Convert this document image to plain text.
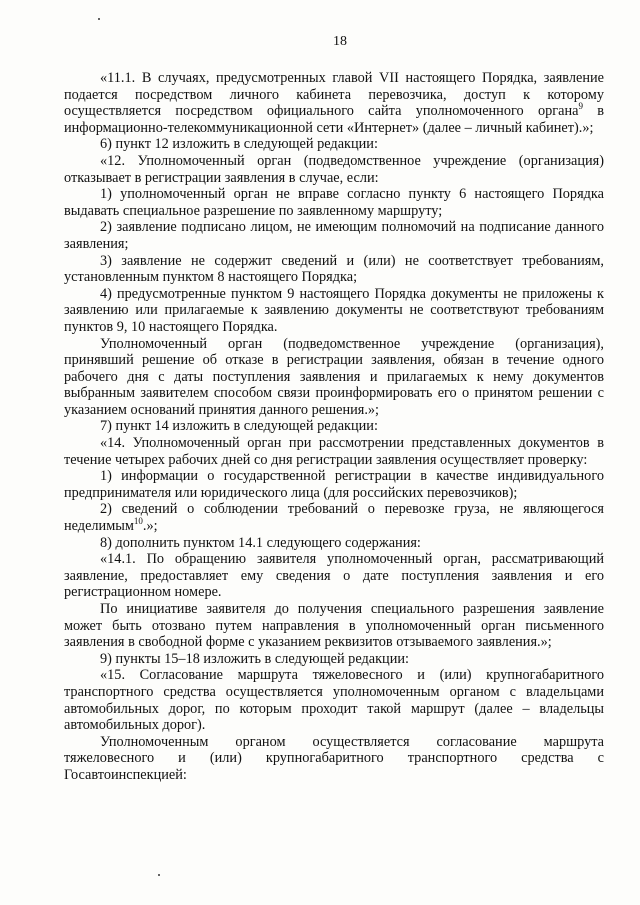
18

«11.1. В случаях, предусмотренных главой VII настоящего Порядка, заявление подается посредством личного кабинета перевозчика, доступ к которому осуществляется посредством официального сайта уполномоченного органа$^9$ в информационно-телекоммуникационной сети «Интернет» (далее – личный кабинет).»;

6) пункт 12 изложить в следующей редакции:

«12. Уполномоченный орган (подведомственное учреждение (организация) отказывает в регистрации заявления в случае, если:

1) уполномоченный орган не вправе согласно пункту 6 настоящего Порядка выдавать специальное разрешение по заявленному маршруту;

2) заявление подписано лицом, не имеющим полномочий на подписание данного заявления;

3) заявление не содержит сведений и (или) не соответствует требованиям, установленным пунктом 8 настоящего Порядка;

4) предусмотренные пунктом 9 настоящего Порядка документы не приложены к заявлению или прилагаемые к заявлению документы не соответствуют требованиям пунктов 9, 10 настоящего Порядка.

Уполномоченный орган (подведомственное учреждение (организация), принявший решение об отказе в регистрации заявления, обязан в течение одного рабочего дня с даты поступления заявления и прилагаемых к нему документов выбранным заявителем способом связи проинформировать его о принятом решении с указанием оснований принятия данного решения.»;

7) пункт 14 изложить в следующей редакции:

«14. Уполномоченный орган при рассмотрении представленных документов в течение четырех рабочих дней со дня регистрации заявления осуществляет проверку:

1) информации о государственной регистрации в качестве индивидуального предпринимателя или юридического лица (для российских перевозчиков);

2) сведений о соблюдении требований о перевозке груза, не являющегося неделимым$^{10}$.»;

8) дополнить пунктом 14.1 следующего содержания:

«14.1. По обращению заявителя уполномоченный орган, рассматривающий заявление, предоставляет ему сведения о дате поступления заявления и его регистрационном номере.

По инициативе заявителя до получения специального разрешения заявление может быть отозвано путем направления в уполномоченный орган письменного заявления в свободной форме с указанием реквизитов отзываемого заявления.»;

9) пункты 15–18 изложить в следующей редакции:

«15. Согласование маршрута тяжеловесного и (или) крупногабаритного транспортного средства осуществляется уполномоченным органом с владельцами автомобильных дорог, по которым проходит такой маршрут (далее – владельцы автомобильных дорог).

Уполномоченным органом осуществляется согласование маршрута тяжеловесного и (или) крупногабаритного транспортного средства с Госавтоинспекцией:
